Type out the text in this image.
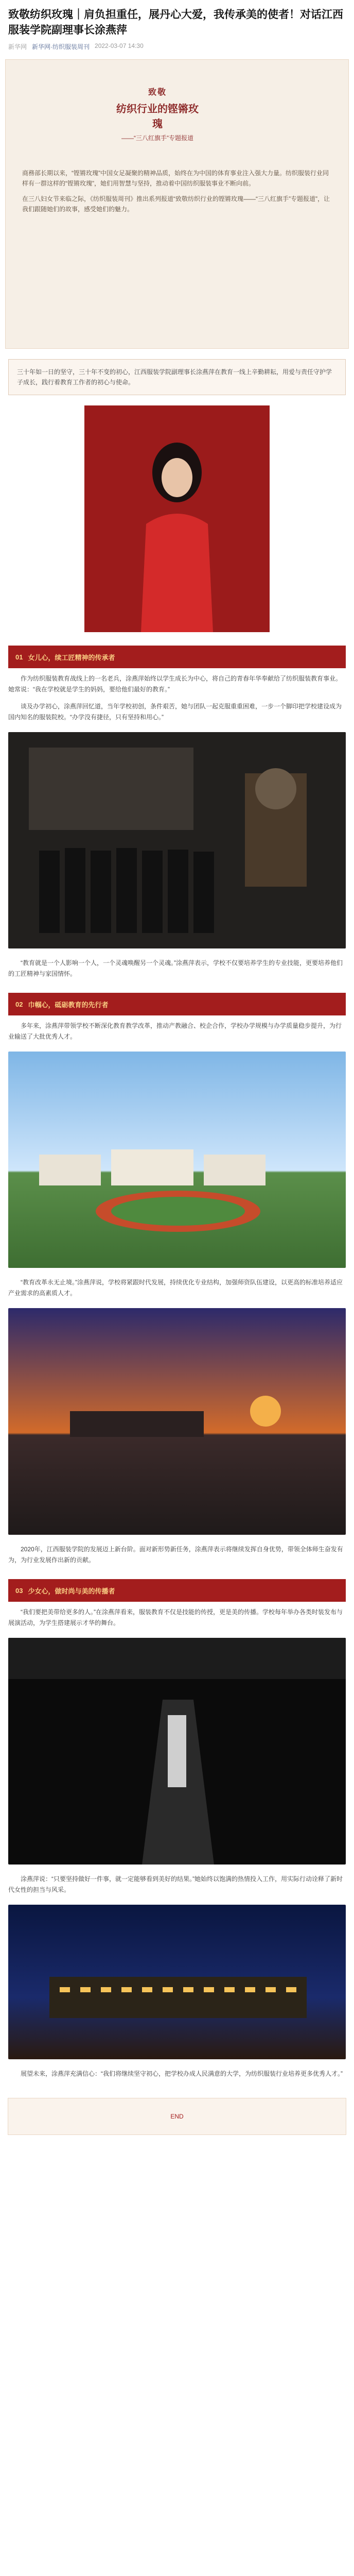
致敬纺织玫瑰｜肩负担重任，展丹心大爱，我传承美的使者！对话江西服装学院副理事长涂燕萍
新华网 新华网·纺织服装周刊 2022-03-07 14:30
致敬
纺织行业的铿锵玫瑰
——“三八红旗手”专题报道

商務部长期以来，“铿锵玫瑰”中国女足凝聚的精神品质，始终在为中国的体育事业注入强大力量。纺织服装行业同样有一群这样的“铿锵玫瑰”，她们用智慧与坚持，推动着中国纺织服装事业不断向前。

在三八妇女节来临之际，《纺织服装周刊》推出系列报道“致敬纺织行业的铿锵玫瑰——“三八红旗手”专题报道”，让我们跟随她们的故事，感受她们的魅力。

三十年如一日的坚守，三十年不变的初心，江西服装学院副理事长涂燕萍在教育一线上辛勤耕耘，用爱与责任守护学子成长，践行着教育工作者的初心与使命。
01 女儿心，续工匠精神的传承者

作为纺织服装教育战线上的一名老兵，涂燕萍始终以学生成长为中心，将自己的青春年华奉献给了纺织服装教育事业。她常说：“我在学校就是学生的妈妈，要给他们最好的教育。”

谈及办学初心，涂燕萍回忆道，当年学校初创，条件艰苦，她与团队一起克服重重困难，一步一个脚印把学校建设成为国内知名的服装院校。“办学没有捷径，只有坚持和用心。”

“教育就是一个人影响一个人，一个灵魂唤醒另一个灵魂。”涂燕萍表示，学校不仅要培养学生的专业技能，更要培养他们的工匠精神与家国情怀。

02 巾帼心，砥砺教育的先行者

多年来，涂燕萍带领学校不断深化教育教学改革，推动产教融合、校企合作，学校办学规模与办学质量稳步提升，为行业输送了大批优秀人才。

“教育改革永无止境。”涂燕萍说，学校将紧跟时代发展，持续优化专业结构，加强师资队伍建设，以更高的标准培养适应产业需求的高素质人才。

2020年，江西服装学院的发展迈上新台阶。面对新形势新任务，涂燕萍表示将继续发挥自身优势，带领全体师生奋发有为，为行业发展作出新的贡献。

03 少女心，做时尚与美的传播者

“我们要把美带给更多的人。”在涂燕萍看来，服装教育不仅是技能的传授，更是美的传播。学校每年举办各类时装发布与展演活动，为学生搭建展示才华的舞台。

涂燕萍说：“只要坚持做好一件事，就一定能够看到美好的结果。”她始终以饱满的热情投入工作，用实际行动诠释了新时代女性的担当与风采。

展望未来，涂燕萍充满信心：“我们将继续坚守初心，把学校办成人民满意的大学，为纺织服装行业培养更多优秀人才。”

END
